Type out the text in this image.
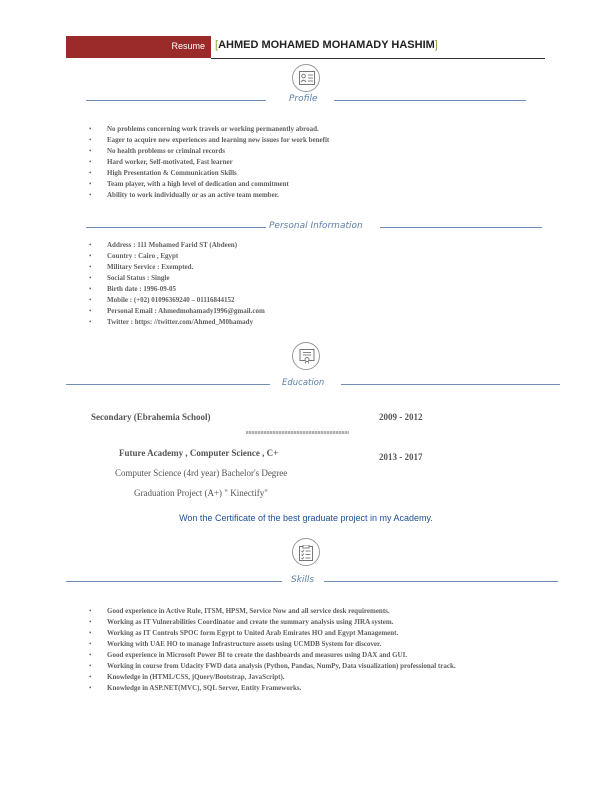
Resume [AHMED MOHAMED MOHAMADY HASHIM]
Profile
• No problems concerning work travels or working permanently abroad.
• Eager to acquire new experiences and learning new issues for work benefit
• No health problems or criminal records
• Hard worker, Self-motivated, Fast learner
• High Presentation & Communication Skills
• Team player, with a high level of dedication and commitment
• Ability to work individually or as an active team member.
Personal Information
• Address : 111 Mohamed Farid ST (Abdeen)
• Country : Cairo , Egypt
• Military Service : Exempted.
• Social Status : Single
• Birth date : 1996-09-05
• Mobile : (+02) 01096369240 – 01116844152
• Personal Email : Ahmedmohamady1996@gmail.com
• Twitter : https: //twitter.com/Ahmed_M0hamady
Education
Secondary (Ebrahemia School)	2009 - 2012
Future Academy , Computer Science , C+	2013 - 2017
Computer Science (4rd year) Bachelor's Degree
Graduation Project (A+) " Kinectify"
Won the Certificate of the best graduate project in my Academy.
Skills
• Good experience in Active Rule, ITSM, HPSM, Service Now and all service desk requirements.
• Working as IT Vulnerabilities Coordinator and create the summary analysis using JIRA system.
• Working as IT Controls SPOC form Egypt to United Arab Emirates HO and Egypt Management.
• Working with UAE HO to manage Infrastructure assets using UCMDB System for discover.
• Good experience in Microsoft Power BI to create the dashboards and measures using DAX and GUI.
• Working in course from Udacity FWD data analysis (Python, Pandas, NumPy, Data visualization) professional track.
• Knowledge in (HTML/CSS, jQuery/Bootstrap, JavaScript).
• Knowledge in ASP.NET(MVC), SQL Server, Entity Frameworks.
